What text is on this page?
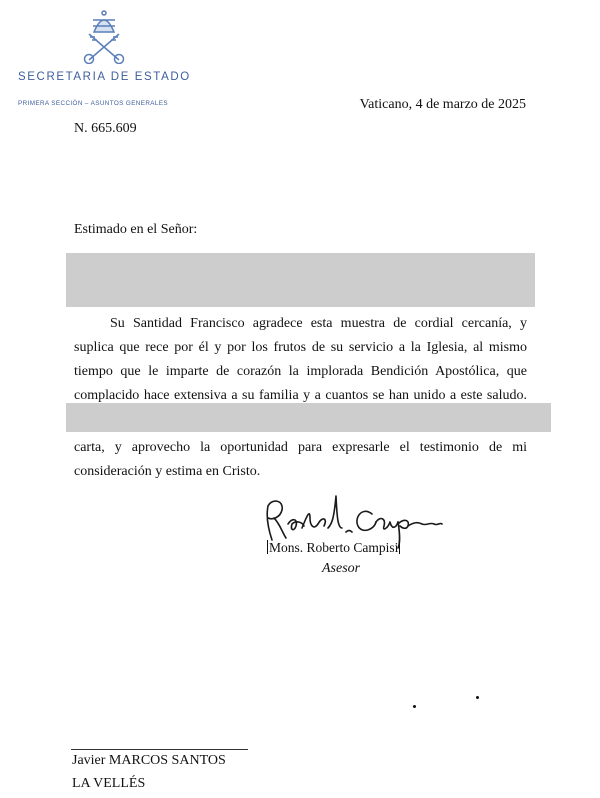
SECRETARIA DE ESTADO
PRIMERA SECCIÓN – ASUNTOS GENERALES	Vaticano, 4 de marzo de 2025
N. 665.609
Estimado en el Señor:
Su Santidad Francisco agradece esta muestra de cordial cercanía, y suplica que rece por él y por los frutos de su servicio a la Iglesia, al mismo tiempo que le imparte de corazón la implorada Bendición Apostólica, que complacido hace extensiva a su familia y a cuantos se han unido a este saludo.
carta, y aprovecho la oportunidad para expresarle el testimonio de mi
consideración y estima en Cristo.
Mons. Roberto Campisi
Asesor
Javier MARCOS SANTOS
LA VELLÉS
